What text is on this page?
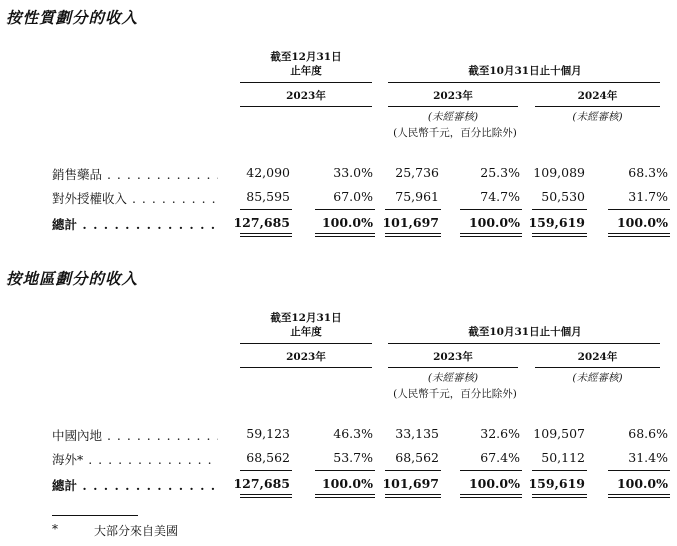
按性質劃分的收入
截至12月31日
止年度	截至10月31日止十個月
2023年	2023年	2024年
(未經審核)	(未經審核)
(人民幣千元，百分比除外)
銷售藥品 . . .	42,090	33.0% 25,736	25.3% 109,089	68.3%
對外授權收入 . . .	85,595	67.0% 75,961	74.7% 50,530	31.7%
總計 . . .	127,685	100.0% 101,697 100.0% 159,619	100.0%
按地區劃分的收入
截至12月31日
止年度	截至10月31日止十個月
2023年	2023年	2024年
(未經審核)	(未經審核)
(人民幣千元，百分比除外)
中國內地 . . .	59,123	46.3% 33,135	32.6% 109,507	68.6%
海外* . . .	68,562	53.7% 68,562	67.4% 50,112	31.4%
總計 . . .	127,685	100.0% 101,697 100.0% 159,619	100.0%
*	大部分來自美國
